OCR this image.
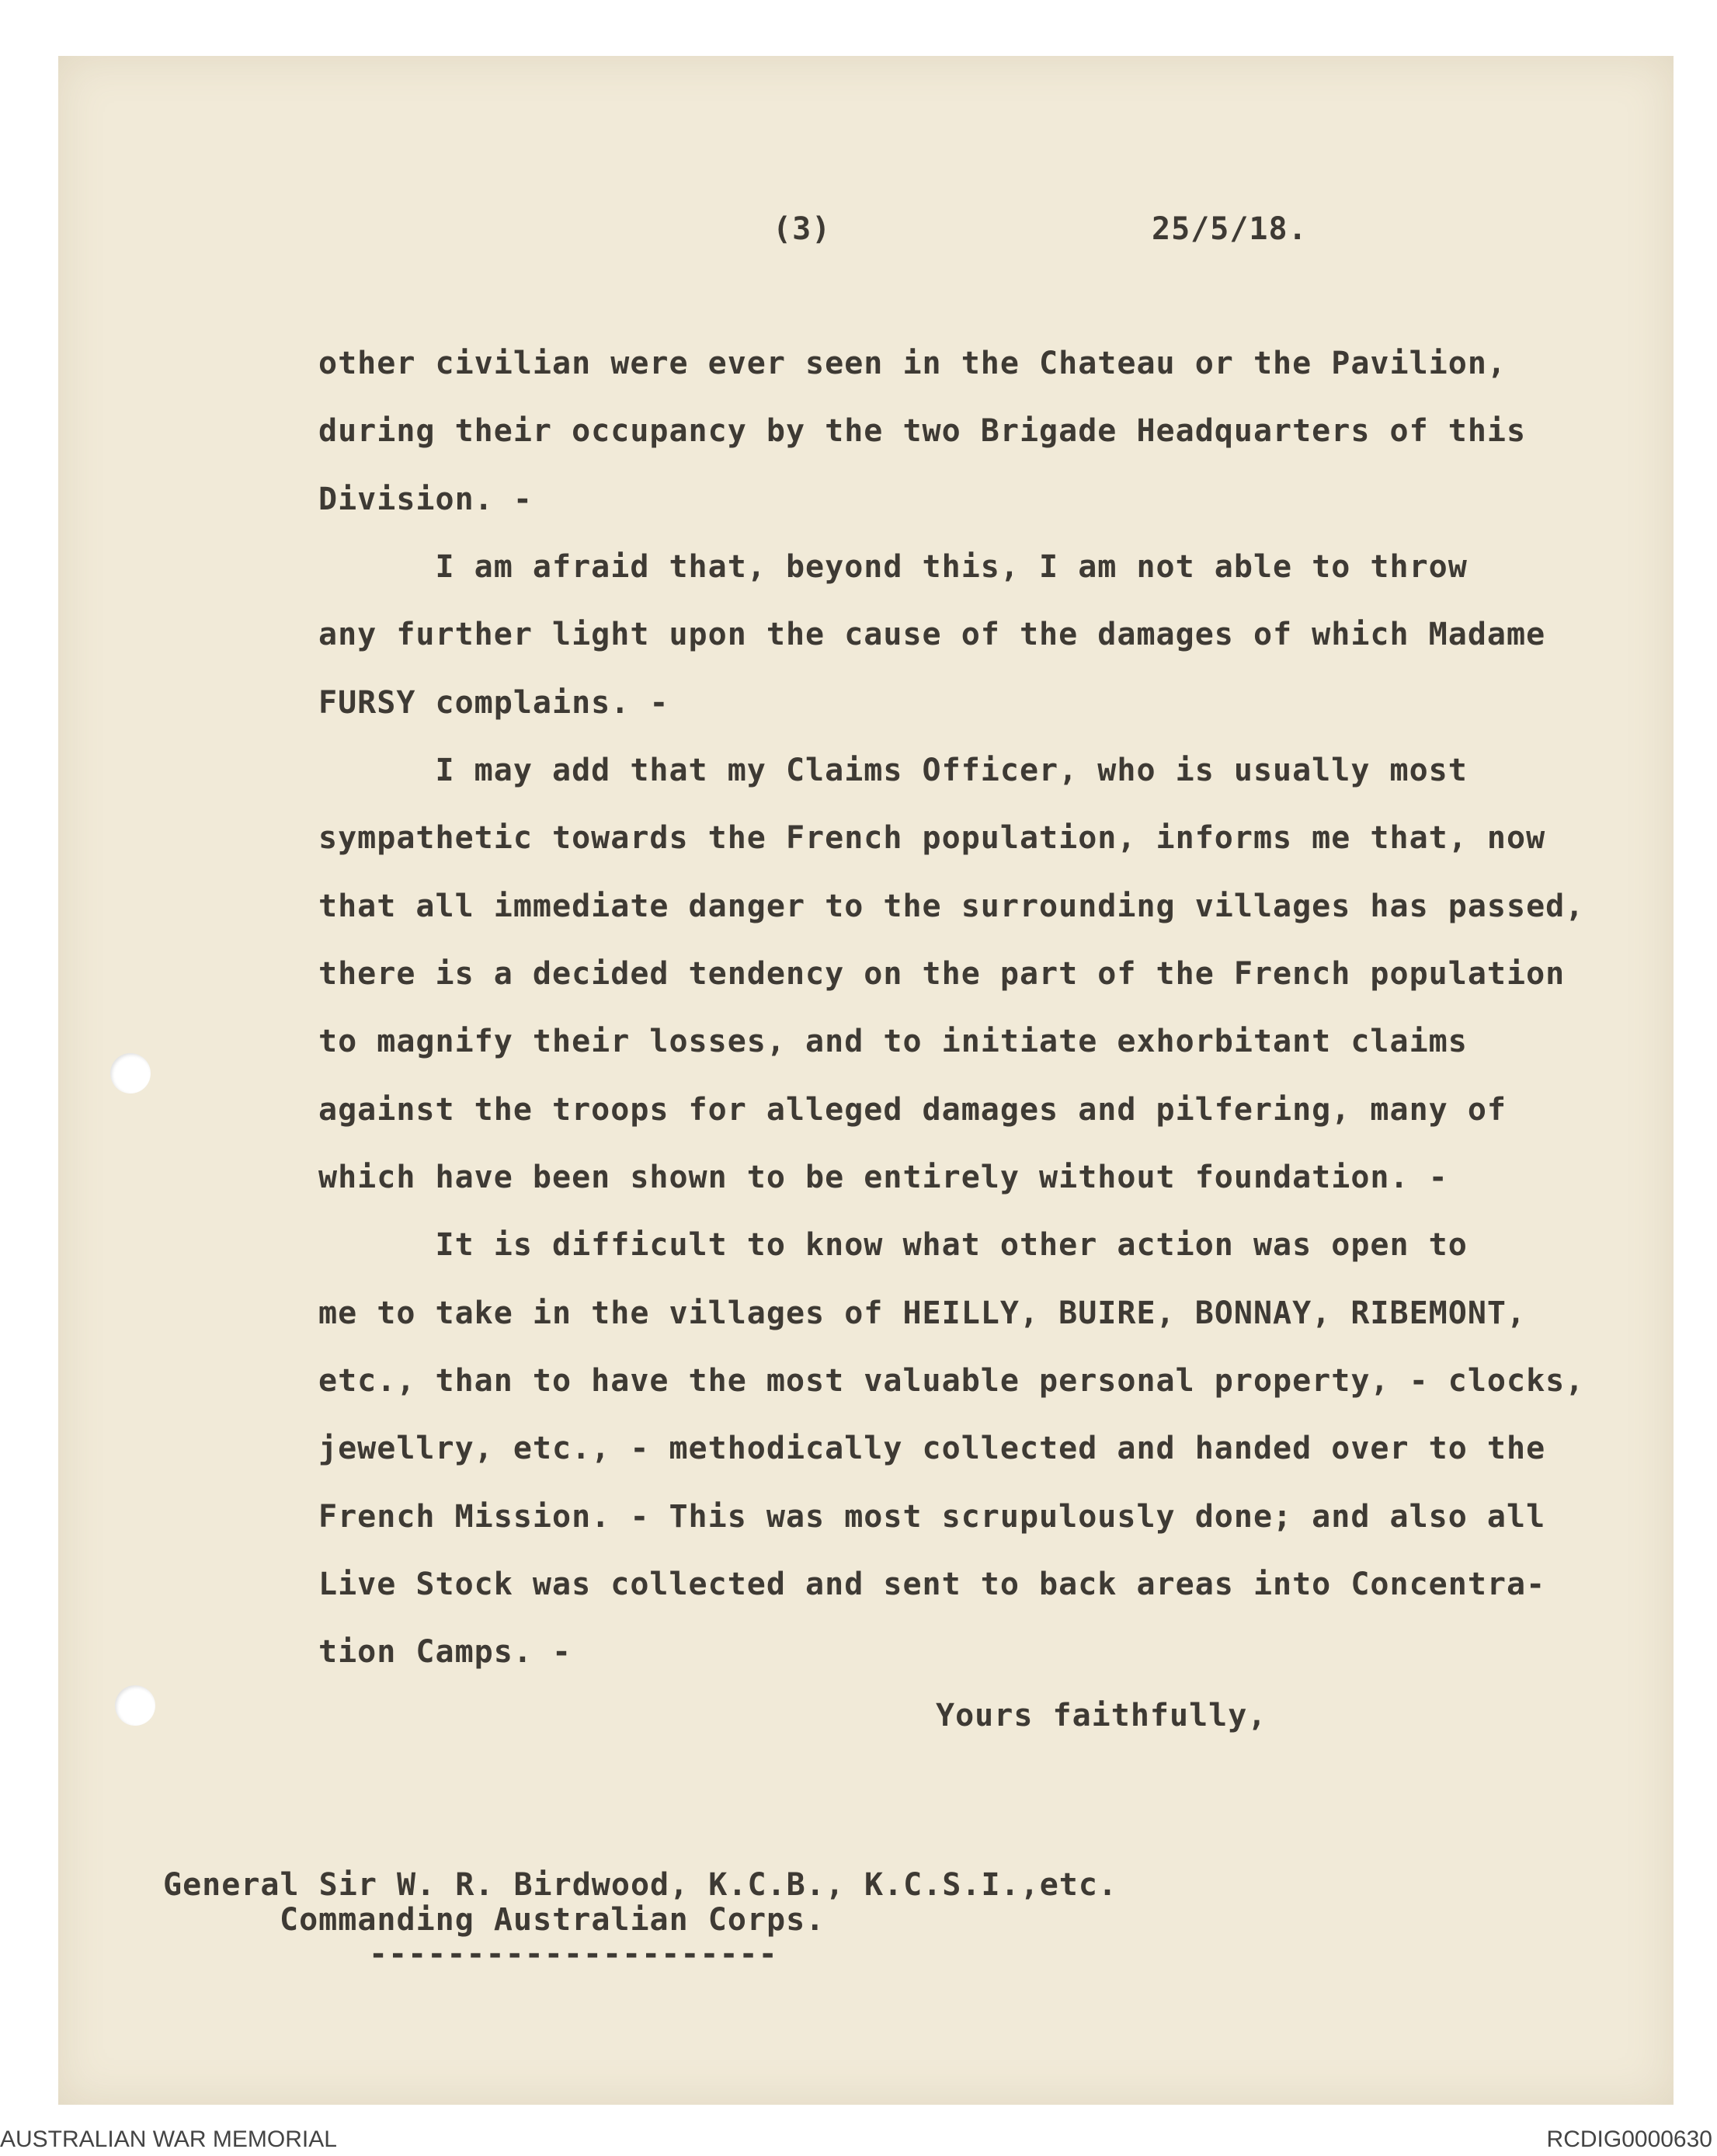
(3)	25/5/18.

other civilian were ever seen in the Chateau or the Pavilion,

during their occupancy by the two Brigade Headquarters of this

Division. -

I am afraid that, beyond this, I am not able to throw

any further light upon the cause of the damages of which Madame

FURSY complains. -

I may add that my Claims Officer, who is usually most

sympathetic towards the French population, informs me that, now

that all immediate danger to the surrounding villages has passed,

there is a decided tendency on the part of the French population

to magnify their losses, and to initiate exhorbitant claims

against the troops for alleged damages and pilfering, many of

which have been shown to be entirely without foundation. -

It is difficult to know what other action was open to

me to take in the villages of HEILLY, BUIRE, BONNAY, RIBEMONT,

etc., than to have the most valuable personal property, - clocks,

jewellry, etc., - methodically collected and handed over to the

French Mission. - This was most scrupulously done; and also all

Live Stock was collected and sent to back areas into Concentra-

tion Camps. -

Yours faithfully,

General Sir W. R. Birdwood, K.C.B., K.C.S.I.,etc.

Commanding Australian Corps.

---------------------

AUSTRALIAN WAR MEMORIAL	RCDIG0000630
